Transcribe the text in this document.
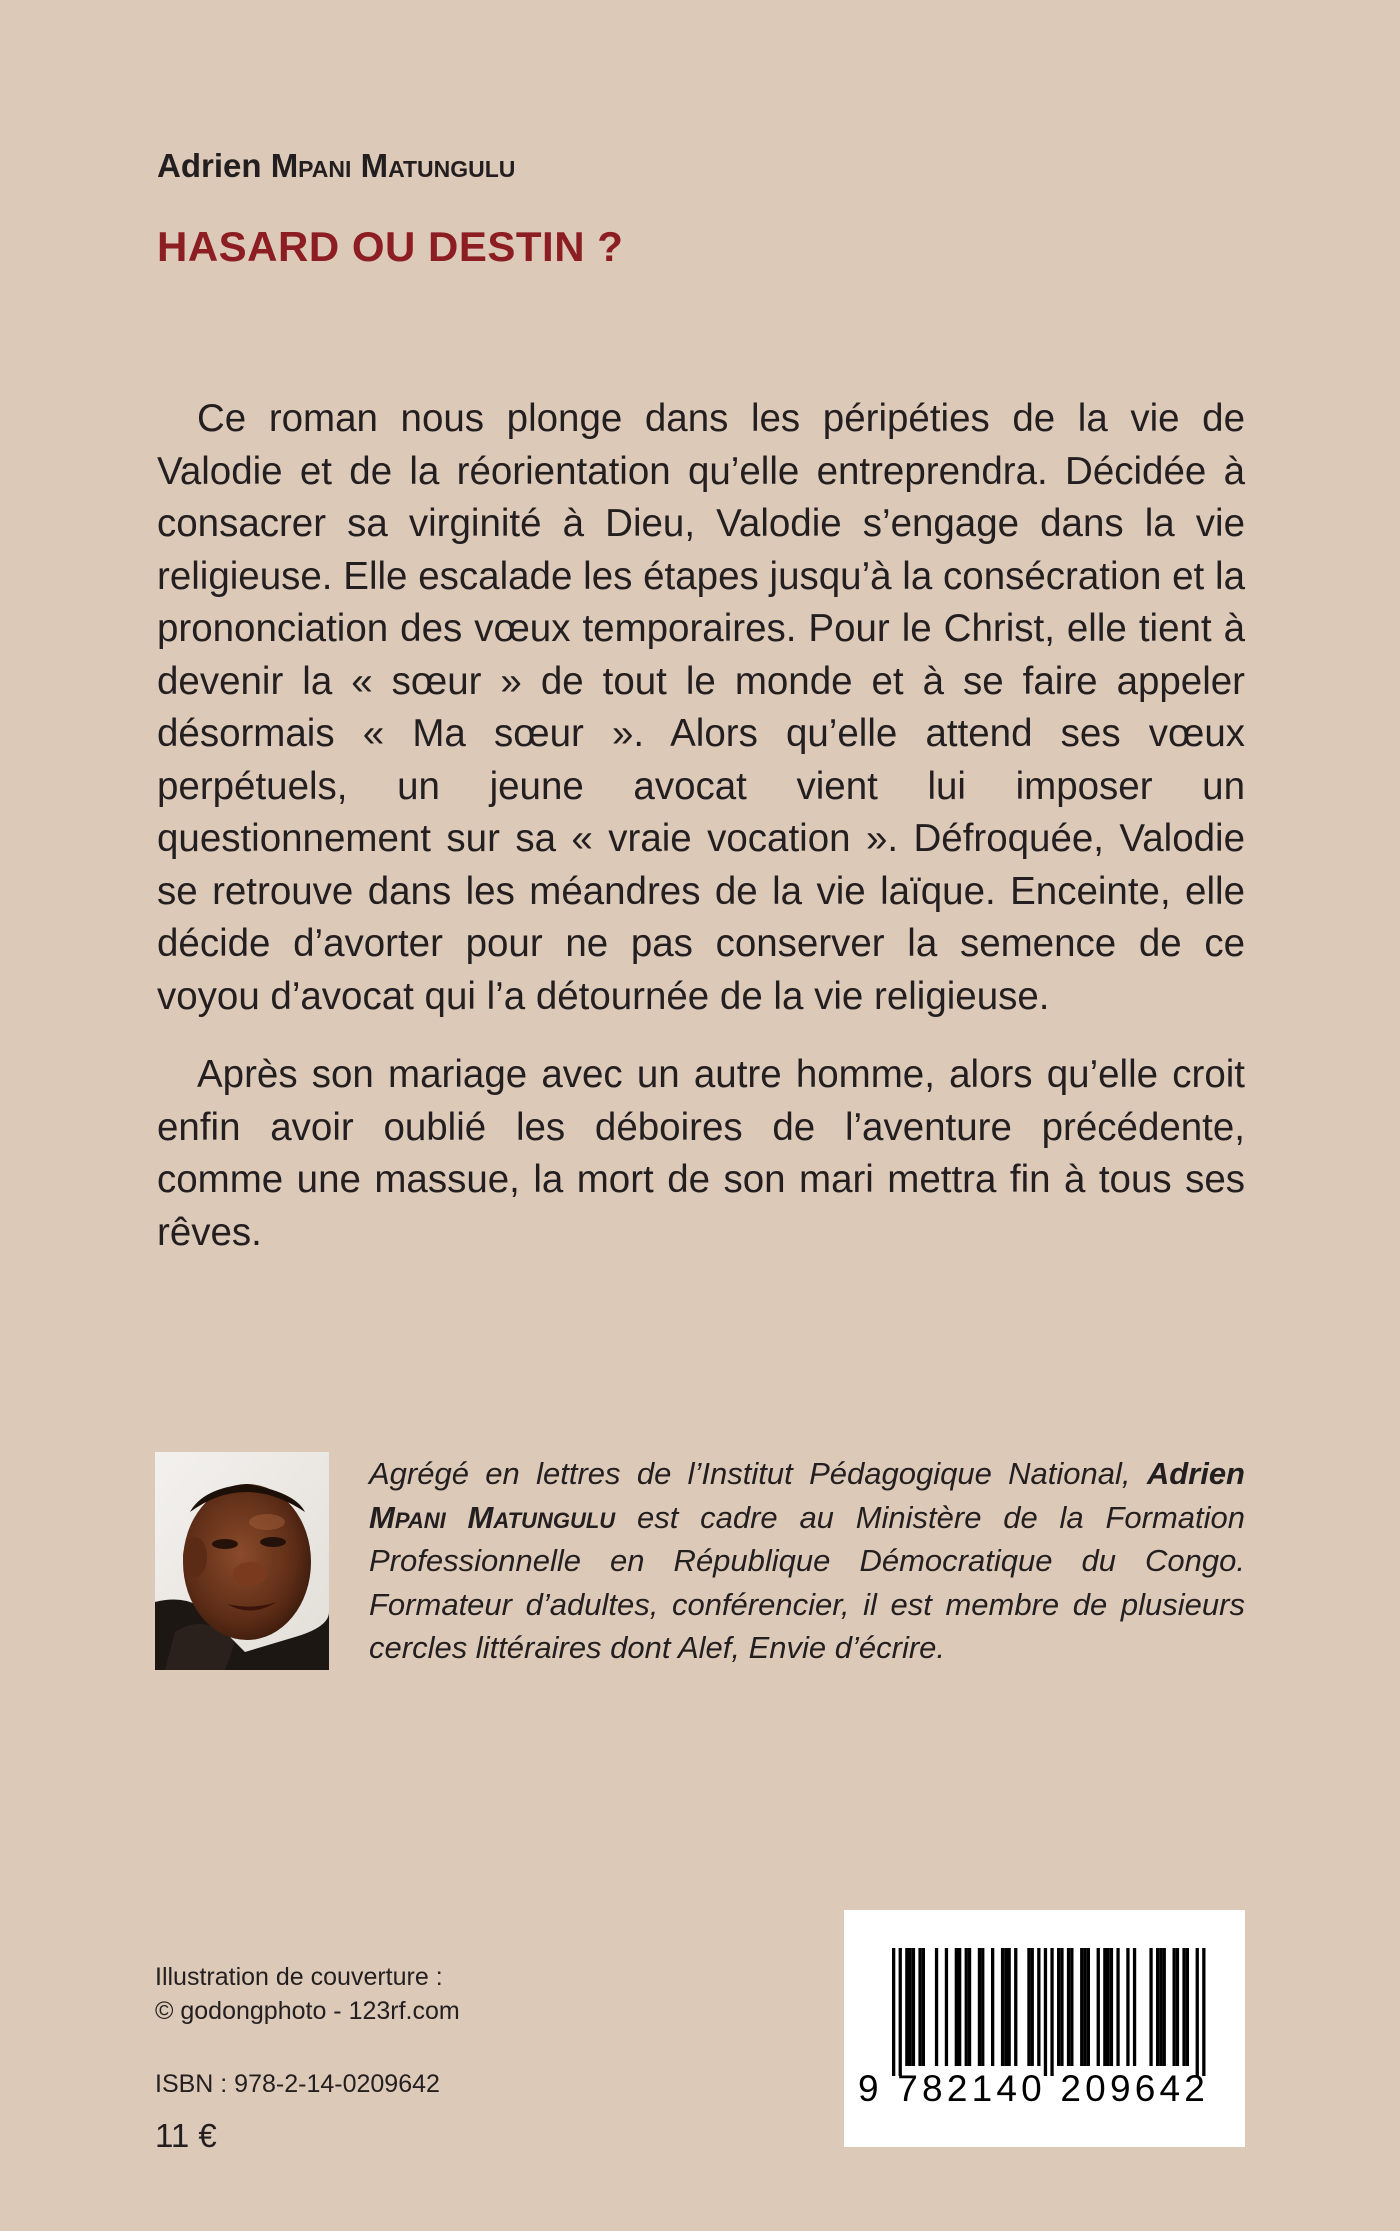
Adrien Mpani Matungulu
HASARD OU DESTIN ?

Ce roman nous plonge dans les péripéties de la vie de Valodie et de la réorientation qu’elle entreprendra. Décidée à consacrer sa virginité à Dieu, Valodie s’engage dans la vie religieuse. Elle escalade les étapes jusqu’à la consécration et la prononciation des vœux temporaires. Pour le Christ, elle tient à devenir la « sœur » de tout le monde et à se faire appeler désormais « Ma sœur ». Alors qu’elle attend ses vœux perpétuels, un jeune avocat vient lui imposer un questionnement sur sa « vraie vocation ». Défroquée, Valodie se retrouve dans les méandres de la vie laïque. Enceinte, elle décide d’avorter pour ne pas conserver la semence de ce voyou d’avocat qui l’a détournée de la vie religieuse.

Après son mariage avec un autre homme, alors qu’elle croit enfin avoir oublié les déboires de l’aventure précédente, comme une massue, la mort de son mari mettra fin à tous ses rêves.

Agrégé en lettres de l’Institut Pédagogique National, Adrien Mpani Matungulu est cadre au Ministère de la Formation Professionnelle en République Démocratique du Congo. Formateur d’adultes, conférencier, il est membre de plusieurs cercles littéraires dont Alef, Envie d’écrire.

Illustration de couverture :
© godongphoto - 123rf.com
ISBN : 978-2-14-0209642
11 €
9 782140 209642
